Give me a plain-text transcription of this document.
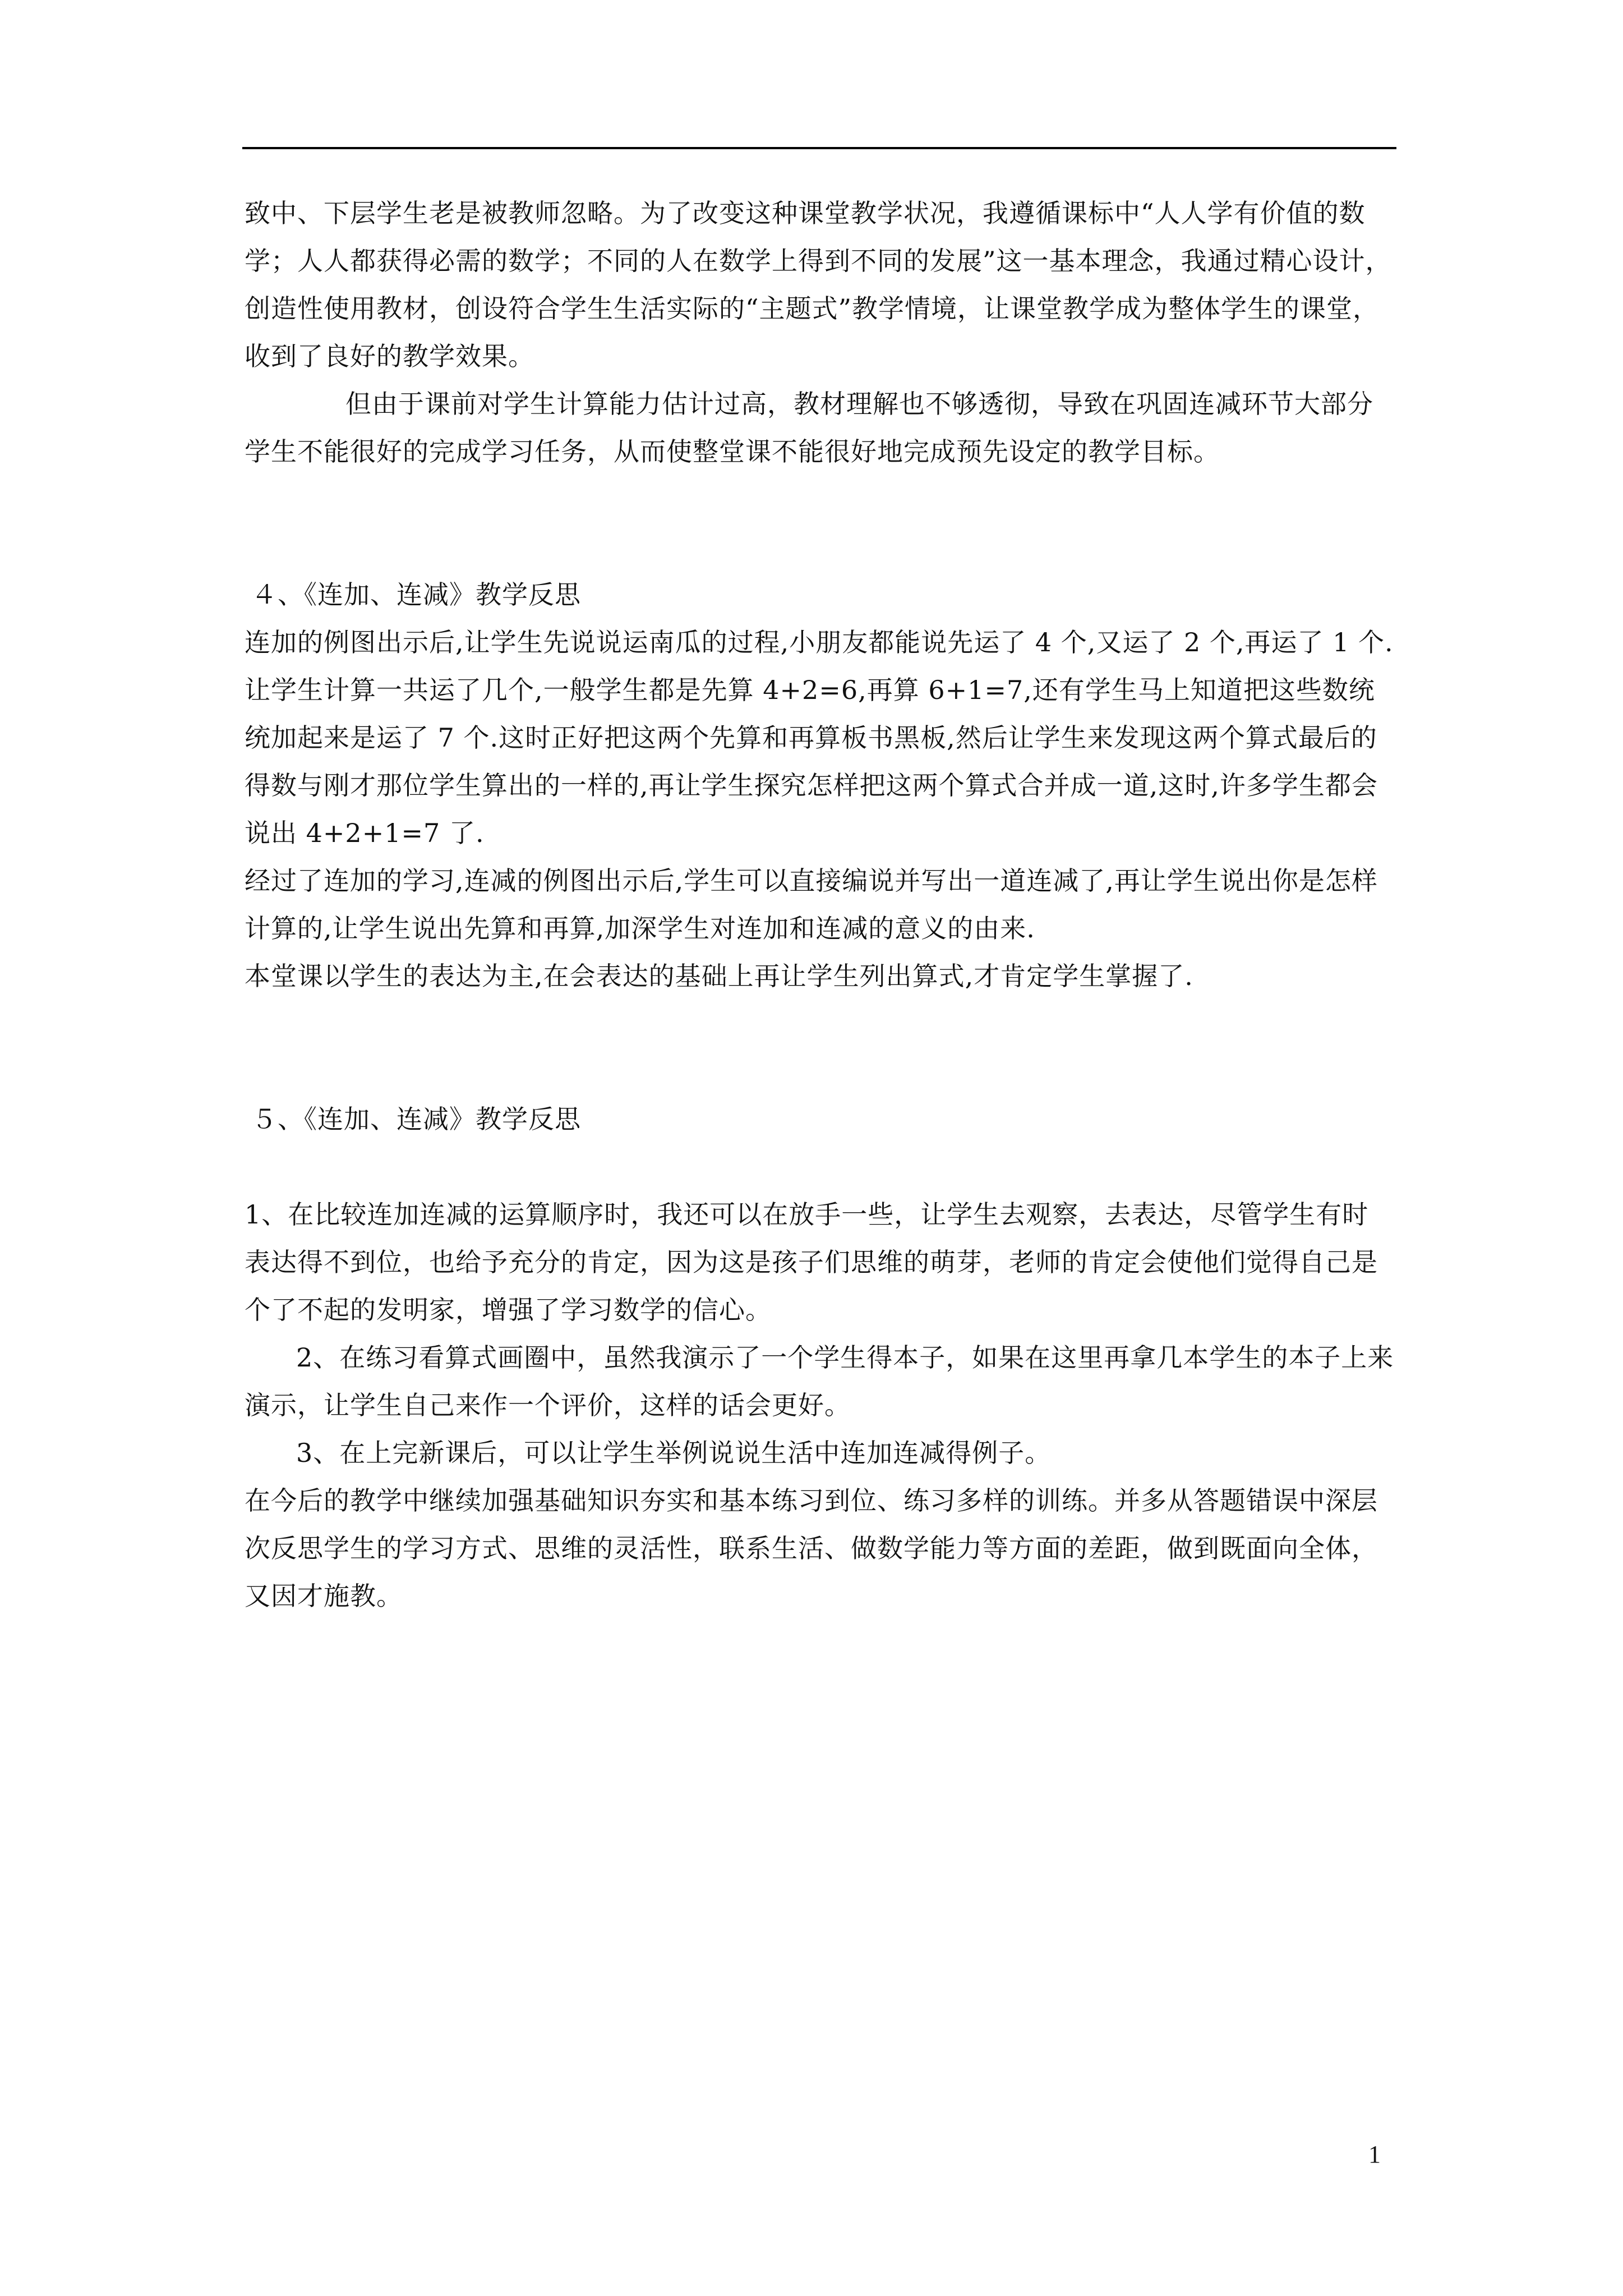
致中、下层学生老是被教师忽略。为了改变这种课堂教学状况，我遵循课标中“人人学有价值的数学；人人都获得必需的数学；不同的人在数学上得到不同的发展”这一基本理念，我通过精心设计，创造性使用教材，创设符合学生生活实际的“主题式”教学情境，让课堂教学成为整体学生的课堂，收到了良好的教学效果。

但由于课前对学生计算能力估计过高，教材理解也不够透彻，导致在巩固连减环节大部分学生不能很好的完成学习任务，从而使整堂课不能很好地完成预先设定的教学目标。

４、《连加、连减》教学反思

连加的例图出示后,让学生先说说运南瓜的过程,小朋友都能说先运了 4 个,又运了 2 个,再运了 1 个.让学生计算一共运了几个,一般学生都是先算 4+2=6,再算 6+1=7,还有学生马上知道把这些数统统加起来是运了 7 个.这时正好把这两个先算和再算板书黑板,然后让学生来发现这两个算式最后的得数与刚才那位学生算出的一样的,再让学生探究怎样把这两个算式合并成一道,这时,许多学生都会说出 4+2+1=7 了.

经过了连加的学习,连减的例图出示后,学生可以直接编说并写出一道连减了,再让学生说出你是怎样计算的,让学生说出先算和再算,加深学生对连加和连减的意义的由来.

本堂课以学生的表达为主,在会表达的基础上再让学生列出算式,才肯定学生掌握了.

５、《连加、连减》教学反思

1、在比较连加连减的运算顺序时，我还可以在放手一些，让学生去观察，去表达，尽管学生有时表达得不到位，也给予充分的肯定，因为这是孩子们思维的萌芽，老师的肯定会使他们觉得自己是个了不起的发明家，增强了学习数学的信心。

2、在练习看算式画圈中，虽然我演示了一个学生得本子，如果在这里再拿几本学生的本子上来演示，让学生自己来作一个评价，这样的话会更好。

3、在上完新课后，可以让学生举例说说生活中连加连减得例子。

在今后的教学中继续加强基础知识夯实和基本练习到位、练习多样的训练。并多从答题错误中深层次反思学生的学习方式、思维的灵活性，联系生活、做数学能力等方面的差距，做到既面向全体，又因才施教。

1
